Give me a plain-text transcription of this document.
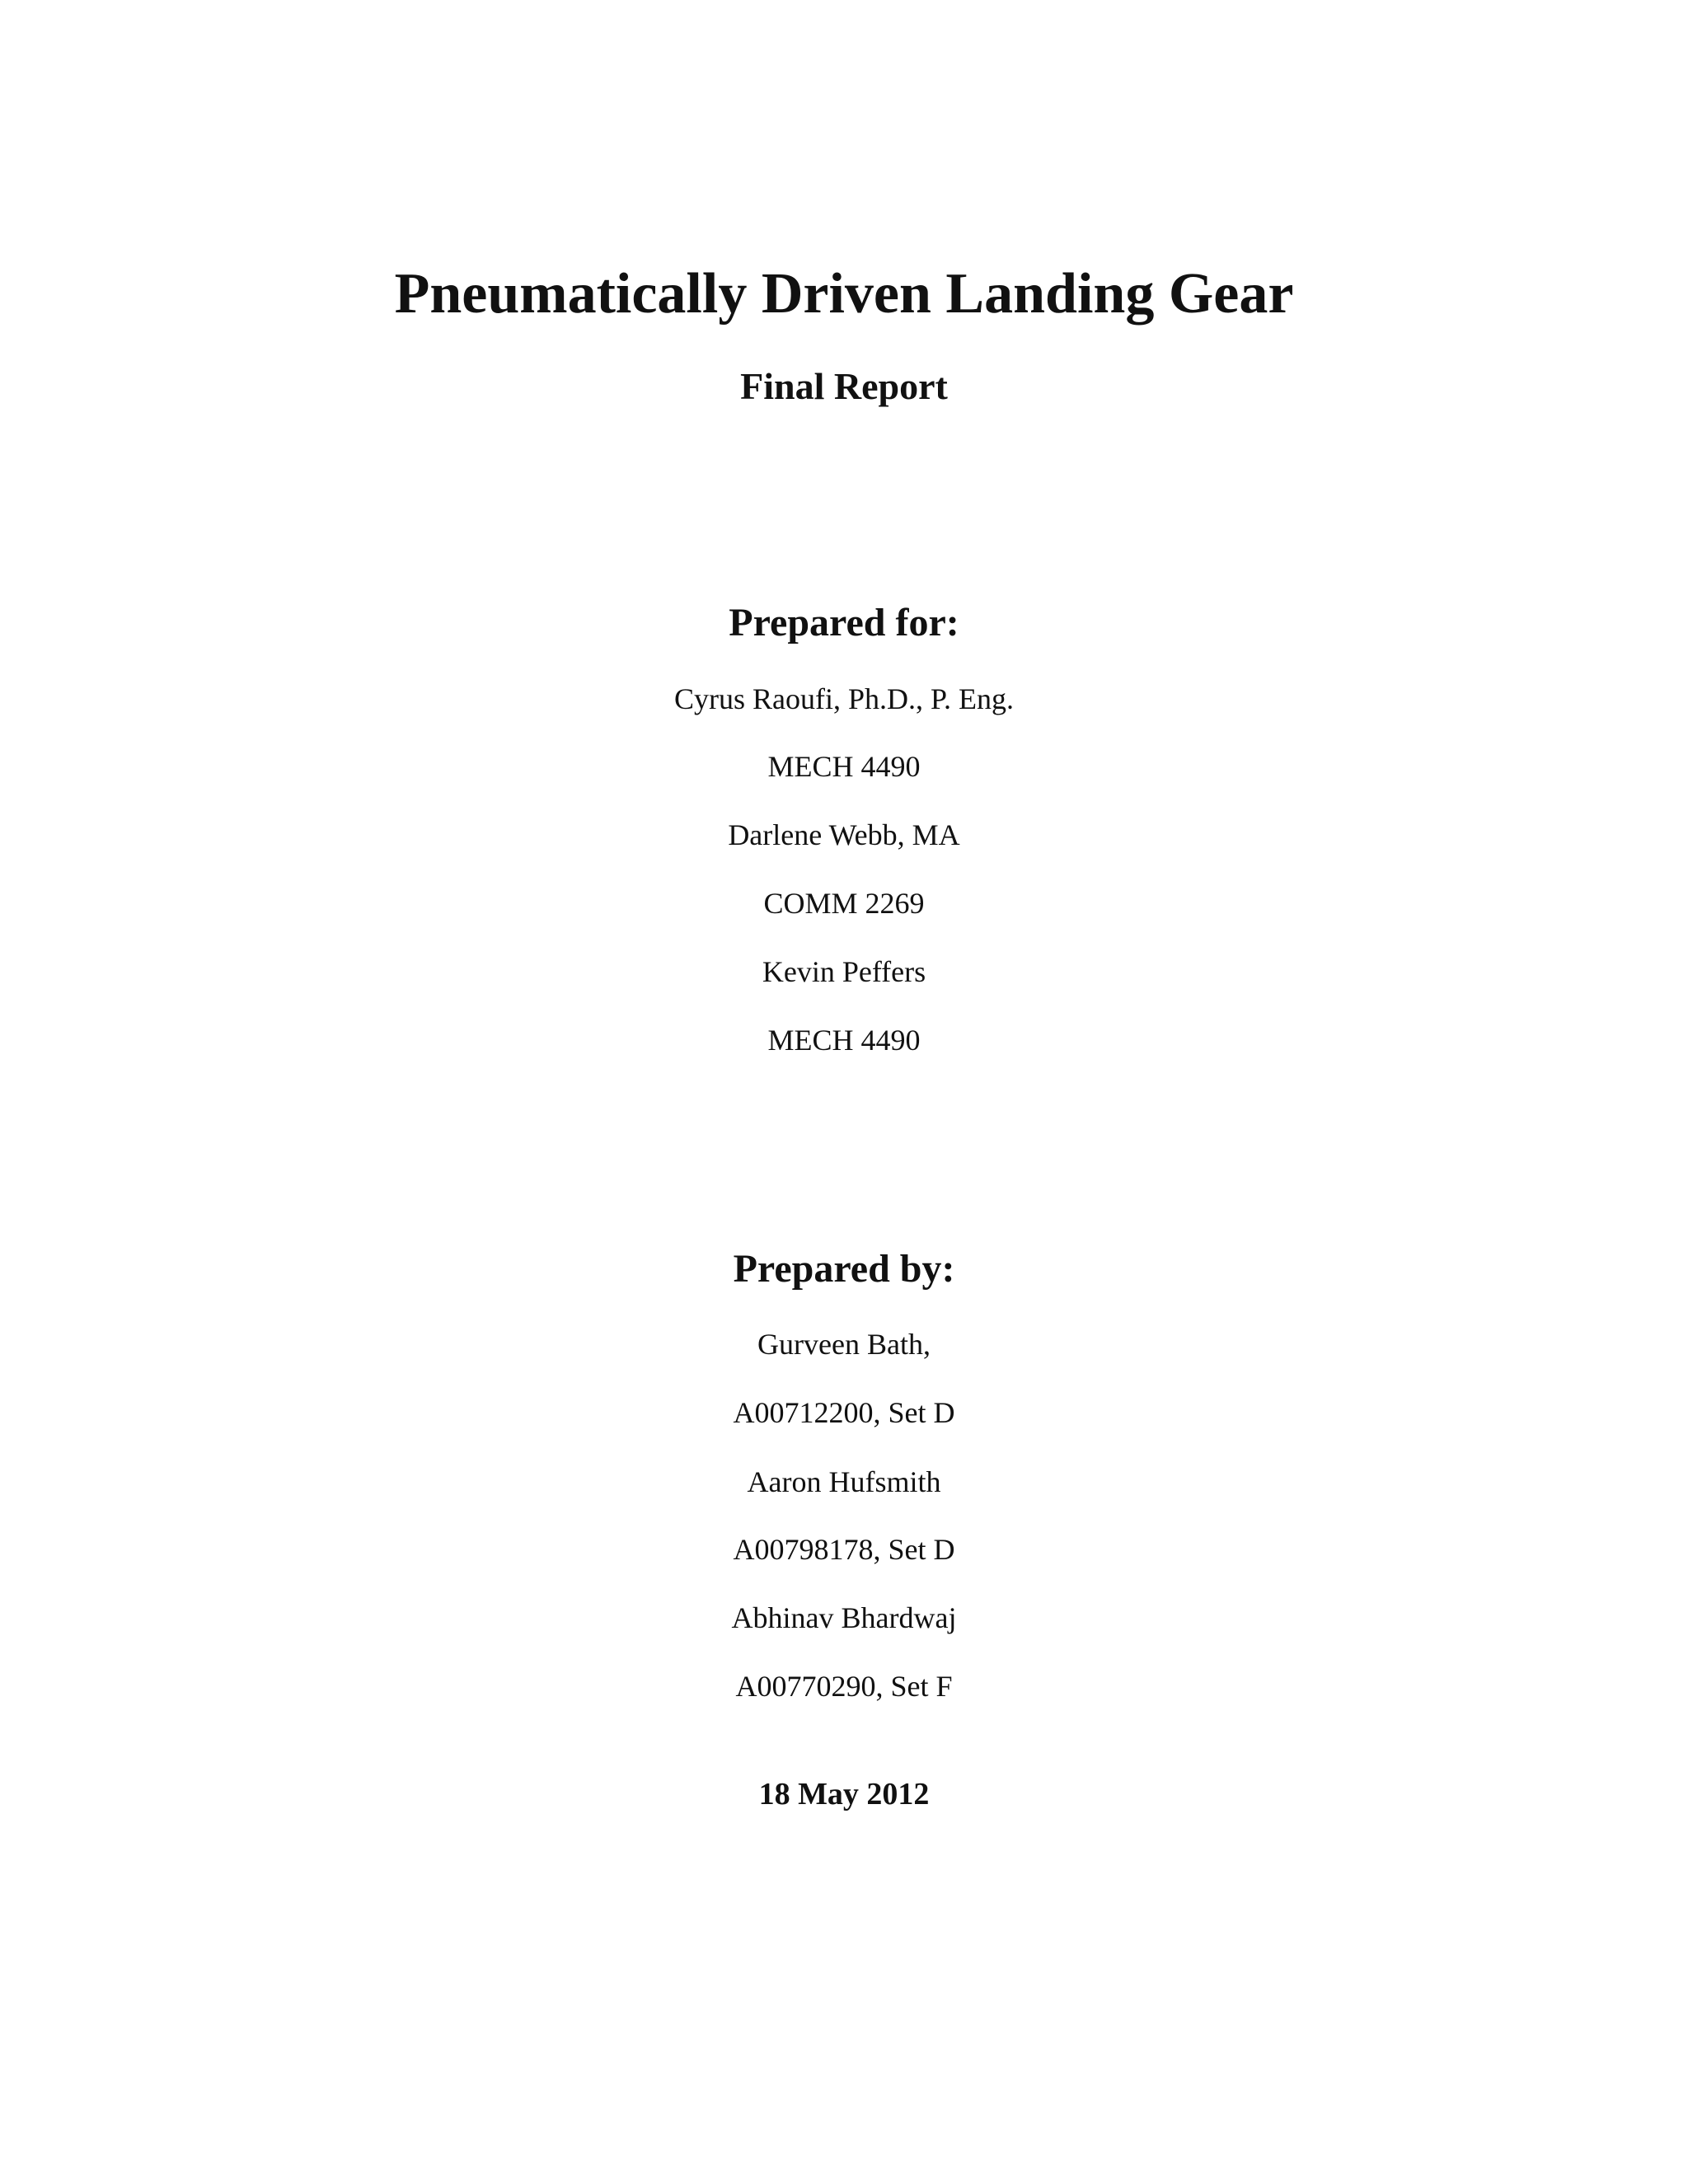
Pneumatically Driven Landing Gear
Final Report
Prepared for:
Cyrus Raoufi, Ph.D., P. Eng.
MECH 4490
Darlene Webb, MA
COMM 2269
Kevin Peffers
MECH 4490
Prepared by:
Gurveen Bath,
A00712200, Set D
Aaron Hufsmith
A00798178, Set D
Abhinav Bhardwaj
A00770290, Set F
18 May 2012
